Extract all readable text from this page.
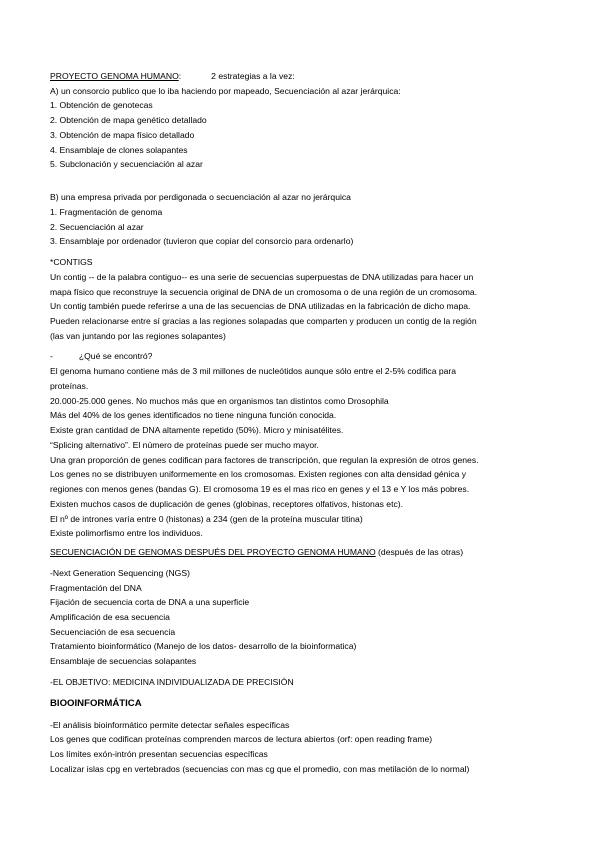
PROYECTO GENOMA HUMANO:	2 estrategias a la vez:
A) un consorcio publico que lo iba haciendo por mapeado, Secuenciación al azar jerárquica:
1. Obtención de genotecas
2. Obtención de mapa genético detallado
3. Obtención de mapa físico detallado
4. Ensamblaje de clones solapantes
5. Subclonación y secuenciación al azar
B) una empresa privada por perdigonada o secuenciación al azar no jerárquica
1. Fragmentación de genoma
2. Secuenciación al azar
3. Ensamblaje por ordenador (tuvieron que copiar del consorcio para ordenarlo)
*CONTIGS
Un contig -- de la palabra contiguo-- es una serie de secuencias superpuestas de DNA utilizadas para hacer un
mapa físico que reconstruye la secuencia original de DNA de un cromosoma o de una región de un cromosoma.
Un contig también puede referirse a una de las secuencias de DNA utilizadas en la fabricación de dicho mapa.
Pueden relacionarse entre sí gracias a las regiones solapadas que comparten y producen un contig de la región
(las van juntando por las regiones solapantes)
-	¿Qué se encontró?
El genoma humano contiene más de 3 mil millones de nucleótidos aunque sólo entre el 2-5% codifica para
proteínas.
20.000-25.000 genes. No muchos más que en organismos tan distintos como Drosophila
Más del 40% de los genes identificados no tiene ninguna función conocida.
Existe gran cantidad de DNA altamente repetido (50%). Micro y minisatélites.
“Splicing alternativo”. El número de proteínas puede ser mucho mayor.
Una gran proporción de genes codifican para factores de transcripción, que regulan la expresión de otros genes.
Los genes no se distribuyen uniformemente en los cromosomas. Existen regiones con alta densidad génica y
regiones con menos genes (bandas G). El cromosoma 19 es el mas rico en genes y el 13 e Y los más pobres.
Existen muchos casos de duplicación de genes (globinas, receptores olfativos, histonas etc).
El nº de intrones varía entre 0 (histonas) a 234 (gen de la proteína muscular titina)
Existe polimorfismo entre los individuos.
SECUENCIACIÓN DE GENOMAS DESPUÉS DEL PROYECTO GENOMA HUMANO (después de las otras)
-Next Generation Sequencing (NGS)
Fragmentación del DNA
Fijación de secuencia corta de DNA a una superficie
Amplificación de esa secuencia
Secuenciación de esa secuencia
Tratamiento bioinformático (Manejo de los datos- desarrollo de la bioinformatica)
Ensamblaje de secuencias solapantes
-EL OBJETIVO: MEDICINA INDIVIDUALIZADA DE PRECISIÓN
BIOOINFORMÁTICA
-El análisis bioinformático permite detectar señales específicas
Los genes que codifican proteínas comprenden marcos de lectura abiertos (orf: open reading frame)
Los límites exón-intrón presentan secuencias específicas
Localizar islas cpg en vertebrados (secuencias con mas cg que el promedio, con mas metilación de lo normal)
